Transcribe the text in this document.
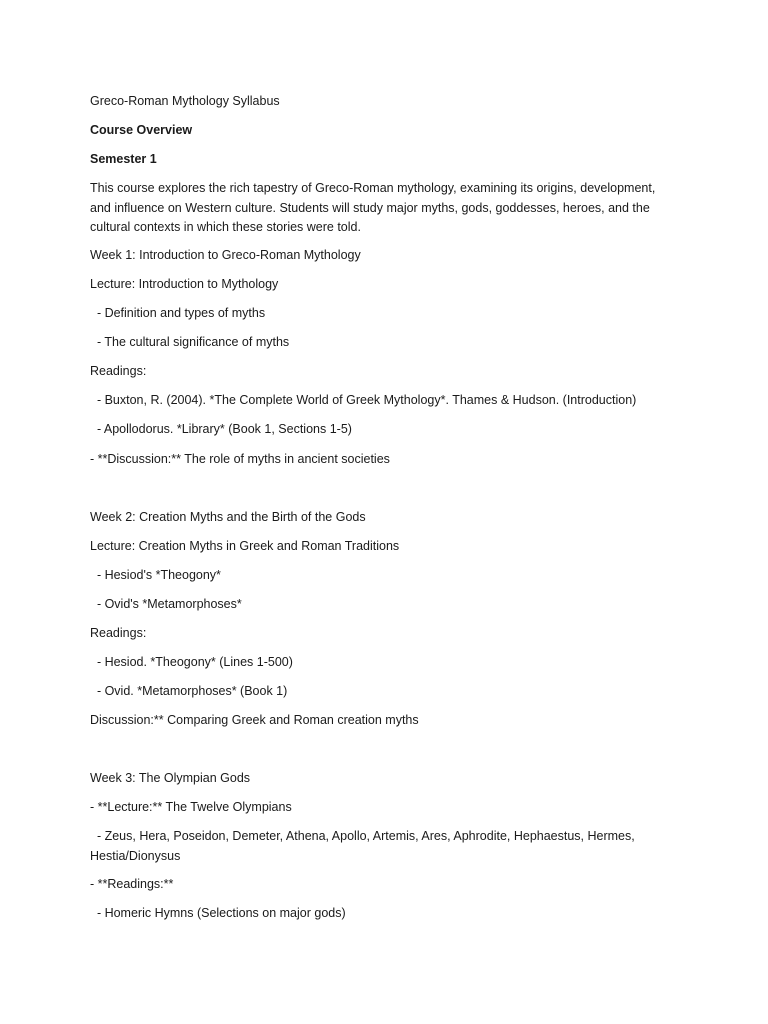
Greco-Roman Mythology Syllabus
Course Overview
Semester 1
This course explores the rich tapestry of Greco-Roman mythology, examining its origins, development, and influence on Western culture. Students will study major myths, gods, goddesses, heroes, and the cultural contexts in which these stories were told.
Week 1: Introduction to Greco-Roman Mythology
Lecture: Introduction to Mythology
- Definition and types of myths
- The cultural significance of myths
Readings:
- Buxton, R. (2004). *The Complete World of Greek Mythology*. Thames & Hudson. (Introduction)
- Apollodorus. *Library* (Book 1, Sections 1-5)
- **Discussion:** The role of myths in ancient societies
Week 2: Creation Myths and the Birth of the Gods
Lecture: Creation Myths in Greek and Roman Traditions
- Hesiod's *Theogony*
- Ovid's *Metamorphoses*
Readings:
- Hesiod. *Theogony* (Lines 1-500)
- Ovid. *Metamorphoses* (Book 1)
Discussion:** Comparing Greek and Roman creation myths
Week 3: The Olympian Gods
- **Lecture:** The Twelve Olympians
- Zeus, Hera, Poseidon, Demeter, Athena, Apollo, Artemis, Ares, Aphrodite, Hephaestus, Hermes, Hestia/Dionysus
- **Readings:**
- Homeric Hymns (Selections on major gods)
